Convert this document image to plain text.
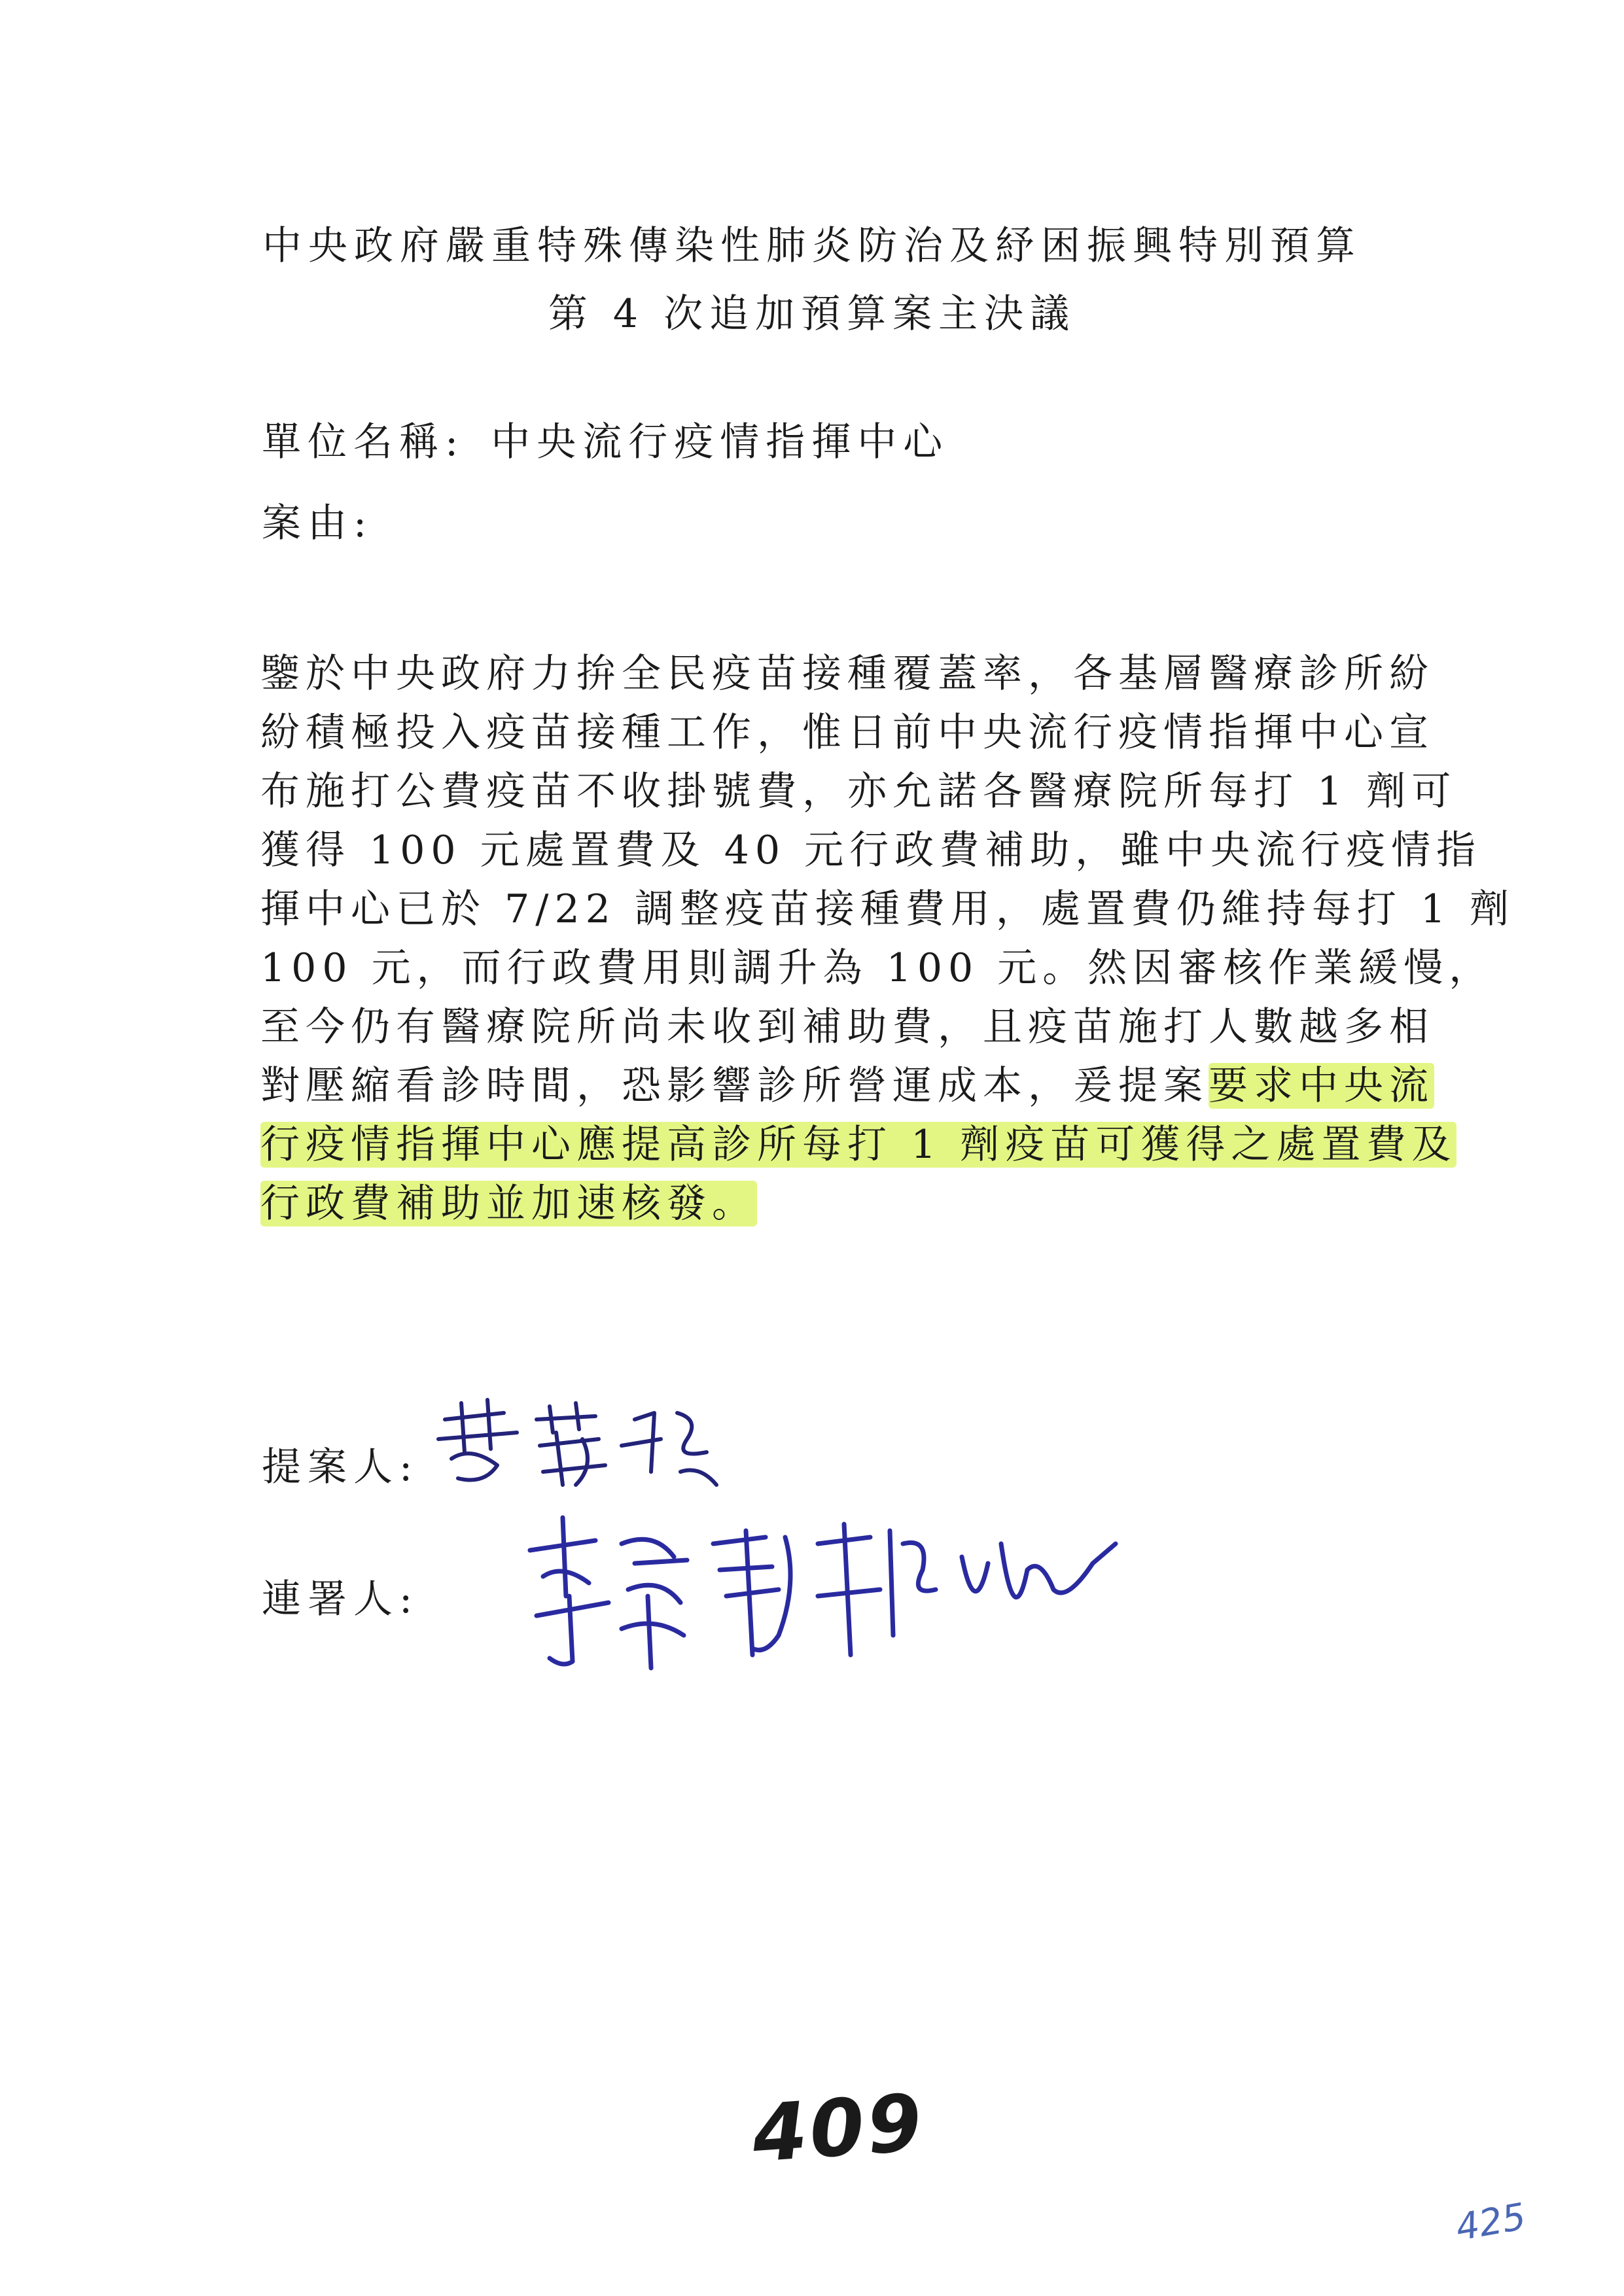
中央政府嚴重特殊傳染性肺炎防治及紓困振興特別預算
第 4 次追加預算案主決議
單位名稱: 中央流行疫情指揮中心
案由:
鑒於中央政府力拚全民疫苗接種覆蓋率，各基層醫療診所紛
紛積極投入疫苗接種工作，惟日前中央流行疫情指揮中心宣
布施打公費疫苗不收掛號費，亦允諾各醫療院所每打 1 劑可
獲得 100 元處置費及 40 元行政費補助，雖中央流行疫情指
揮中心已於 7/22 調整疫苗接種費用，處置費仍維持每打 1 劑
100 元，而行政費用則調升為 100 元。然因審核作業緩慢，
至今仍有醫療院所尚未收到補助費，且疫苗施打人數越多相
對壓縮看診時間，恐影響診所營運成本，爰提案要求中央流
行疫情指揮中心應提高診所每打 1 劑疫苗可獲得之處置費及
行政費補助並加速核發。
提案人:
連署人:
409
425
